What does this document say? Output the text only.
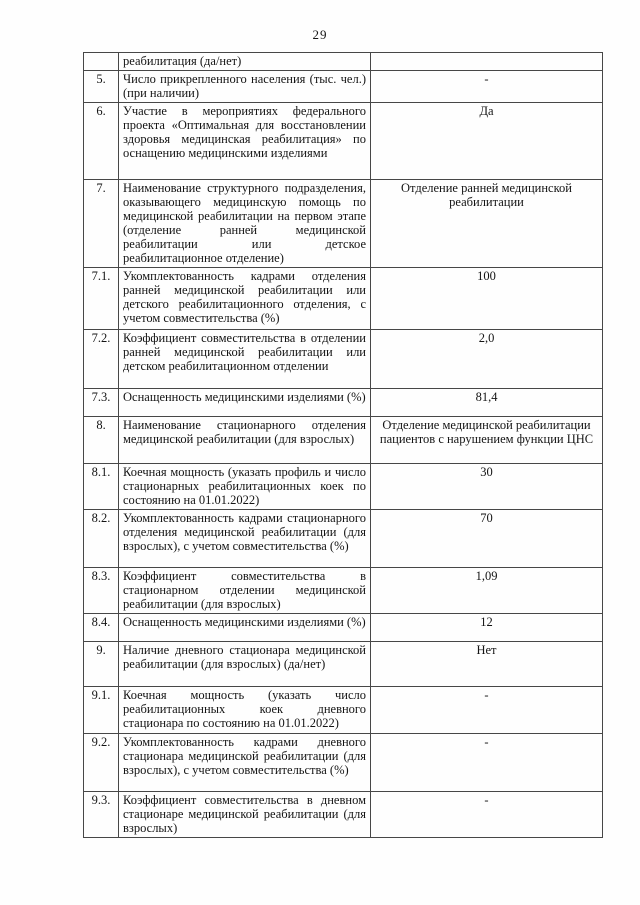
29
	реабилитация (да/нет)	
5.	Число прикрепленного населения (тыс. чел.) (при наличии)	-
6.	Участие в мероприятиях федерального проекта «Оптимальная для восстановлении здоровья медицинская реабилитация» по оснащению медицинскими изделиями	Да
7.	Наименование структурного подразделения, оказывающего медицинскую помощь по медицинской реабилитации на первом этапе (отделение ранней медицинской реабилитации или детское реабилитационное отделение)	Отделение ранней медицинской реабилитации
7.1.	Укомплектованность кадрами отделения ранней медицинской реабилитации или детского реабилитационного отделения, с учетом совместительства (%)	100
7.2.	Коэффициент совместительства в отделении ранней медицинской реабилитации или детском реабилитационном отделении	2,0
7.3.	Оснащенность медицинскими изделиями (%)	81,4
8.	Наименование стационарного отделения медицинской реабилитации (для взрослых)	Отделение медицинской реабилитации пациентов с нарушением функции ЦНС
8.1.	Коечная мощность (указать профиль и число стационарных реабилитационных коек по состоянию на 01.01.2022)	30
8.2.	Укомплектованность кадрами стационарного отделения медицинской реабилитации (для взрослых), с учетом совместительства (%)	70
8.3.	Коэффициент совместительства в стационарном отделении медицинской реабилитации (для взрослых)	1,09
8.4.	Оснащенность медицинскими изделиями (%)	12
9.	Наличие дневного стационара медицинской реабилитации (для взрослых) (да/нет)	Нет
9.1.	Коечная мощность (указать число реабилитационных коек дневного стационара по состоянию на 01.01.2022)	-
9.2.	Укомплектованность кадрами дневного стационара медицинской реабилитации (для взрослых), с учетом совместительства (%)	-
9.3.	Коэффициент совместительства в дневном стационаре медицинской реабилитации (для взрослых)	-
